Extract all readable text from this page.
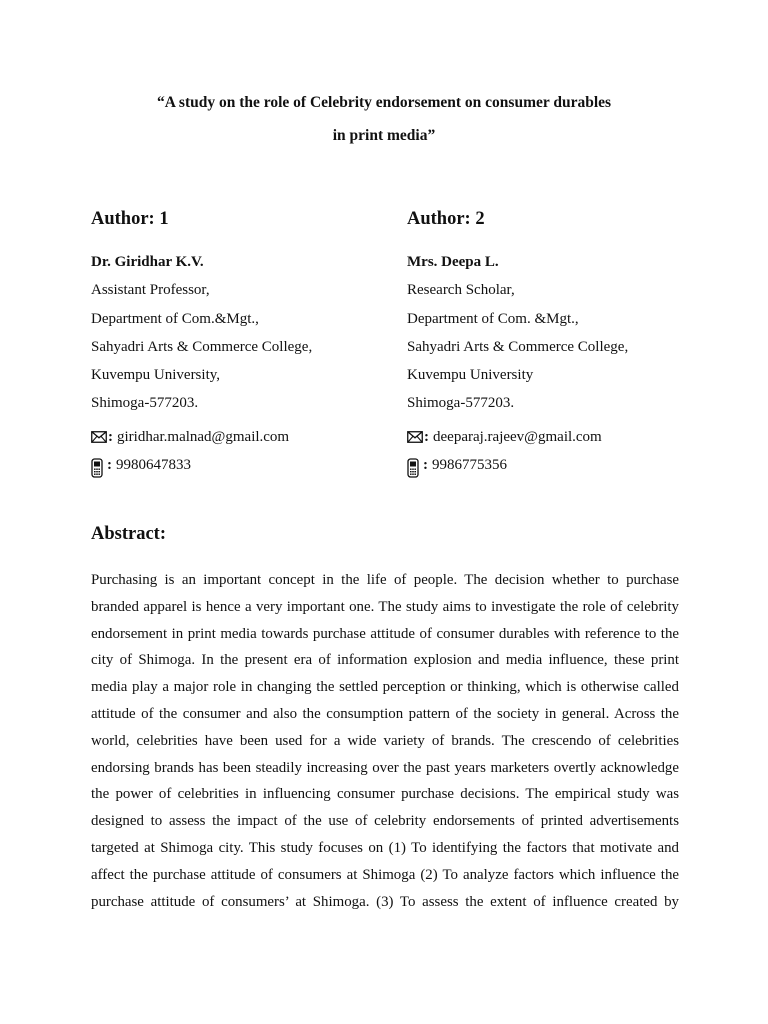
“A study on the role of Celebrity endorsement on consumer durables
in print media”
Author: 1
Dr. Giridhar K.V.
Assistant Professor,
Department of Com.&Mgt.,
Sahyadri Arts & Commerce College,
Kuvempu University,
Shimoga-577203.
: giridhar.malnad@gmail.com
: 9980647833
Author: 2
Mrs. Deepa L.
Research Scholar,
Department of Com. &Mgt.,
Sahyadri Arts & Commerce College,
Kuvempu University
Shimoga-577203.
: deeparaj.rajeev@gmail.com
: 9986775356
Abstract:
Purchasing is an important concept in the life of people. The decision whether to purchase
branded apparel is hence a very important one. The study aims to investigate the role of celebrity
endorsement in print media towards purchase attitude of consumer durables with reference to the
city of Shimoga. In the present era of information explosion and media influence, these print
media play a major role in changing the settled perception or thinking, which is otherwise called
attitude of the consumer and also the consumption pattern of the society in general. Across the
world, celebrities have been used for a wide variety of brands. The crescendo of celebrities
endorsing brands has been steadily increasing over the past years marketers overtly acknowledge
the power of celebrities in influencing consumer purchase decisions. The empirical study was
designed to assess the impact of the use of celebrity endorsements of printed advertisements
targeted at Shimoga city. This study focuses on (1) To identifying the factors that motivate and
affect the purchase attitude of consumers at Shimoga (2) To analyze factors which influence the
purchase attitude of consumers’ at Shimoga. (3) To assess the extent of influence created by
